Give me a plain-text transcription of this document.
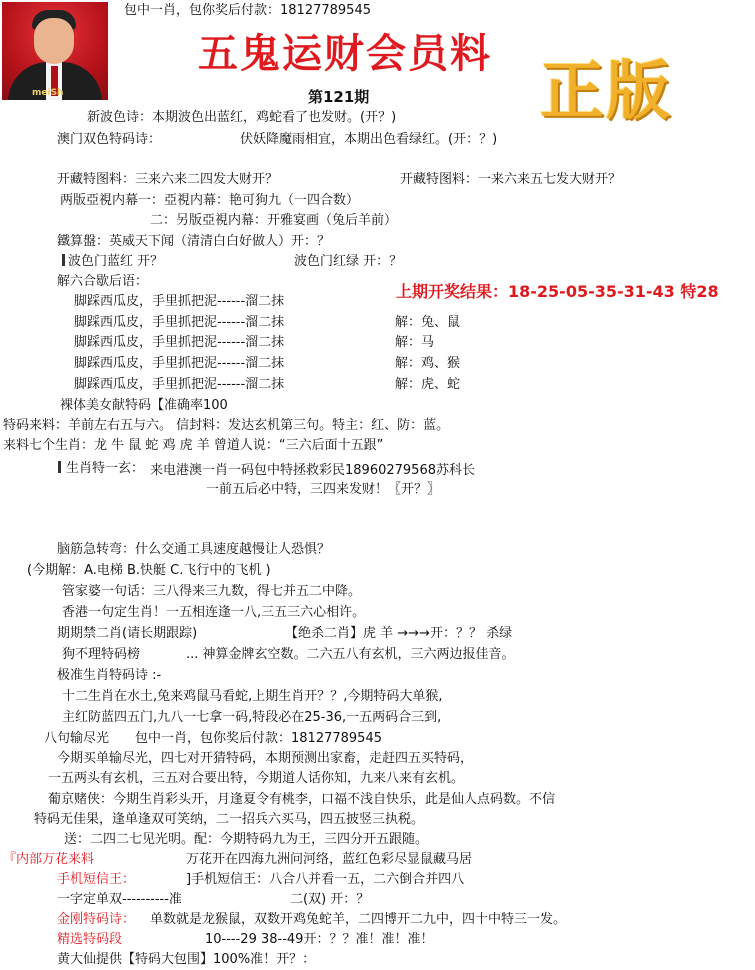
meiSh
包中一肖，包你奖后付款：18127789545
五鬼运财会员料
第121期	正版
新波色诗：本期波色出蓝红，鸡蛇看了也发财。(开？)
澳门双色特码诗：	伏妖降魔雨相宜，本期出色看绿红。(开：？)
开藏特图料：三来六来二四发大财开？	开藏特图料：一来六来五七发大财开？
两版亞視内幕一：亞視内幕：艳可狗九（一四合数）
二：另版亞視内幕：开雅宴画（兔后羊前）
鐵算盤：英威天下闻（清清白白好做人）开：？
波色门蓝红 开？	波色门红绿 开：？
解六合歇后语：
脚踩西瓜皮，手里抓把泥------溜二抹
脚踩西瓜皮，手里抓把泥------溜二抹	解：兔、鼠
脚踩西瓜皮，手里抓把泥------溜二抹	解：马
脚踩西瓜皮，手里抓把泥------溜二抹	解：鸡、猴
脚踩西瓜皮，手里抓把泥------溜二抹	解：虎、蛇
上期开奖结果：18-25-05-35-31-43 特28
裸体美女献特码【准确率100
特码来料：羊前左右五与六。 信封料：发达玄机第三句。特主：红、防：蓝。
来料七个生肖：龙 牛 鼠 蛇 鸡 虎 羊 曾道人说：“三六后面十五跟”
生肖特一玄： 来电港澳一肖一码包中特拯救彩民18960279568苏科长
一前五后必中特，三四来发财！〖开？〗
脑筋急转弯：什么交通工具速度越慢让人恐惧？
(今期解：A.电梯 B.快艇 C.飞行中的飞机 )
管家婆一句话：三八得来三九数，得七并五二中降。
香港一句定生肖！一五相连逢一八,三五三六心相许。
期期禁二肖(请长期跟踪)	【绝杀二肖】虎 羊 →→→开：？？ 杀绿
狗不理特码榜	... 神算金牌玄空数。二六五八有玄机，三六两边报佳音。
极准生肖特码诗 :-
十二生肖在水土,兔来鸡鼠马看蛇,上期生肖开？？,今期特码大单猴,
主红防蓝四五门,九八一七拿一码,特段必在25-36,一五两码合三到,
八句输尽光 包中一肖，包你奖后付款：18127789545
今期买单输尽光，四七对开猜特码，本期预测出家畜，走赶四五买特码，
一五两头有玄机，三五对合要出特，今期道人话你知，九来八来有玄机。
葡京赌侠：今期生肖彩头开，月逢夏令有桃李，口福不浅自快乐，此是仙人点码数。不信
特码无佳果，逢单逢双可笑纳，二一招兵六买马，四五披竖三执税。
送：二四二七见光明。配：今期特码九为王，三四分开五跟随。
『内部万花来料	万花开在四海九洲问河络，蓝红色彩尽显鼠藏马居
手机短信王：	]手机短信王：八合八并看一五，二六倒合并四八
一字定单双----------准	二(双) 开：？
金刚特码诗： 单数就是龙猴鼠，双数开鸡兔蛇羊，二四博开二九中，四十中特三一发。
精选特码段	10----29 38--49开：？？准！准！准！
黄大仙提供【特码大包围】100%准！开？：
